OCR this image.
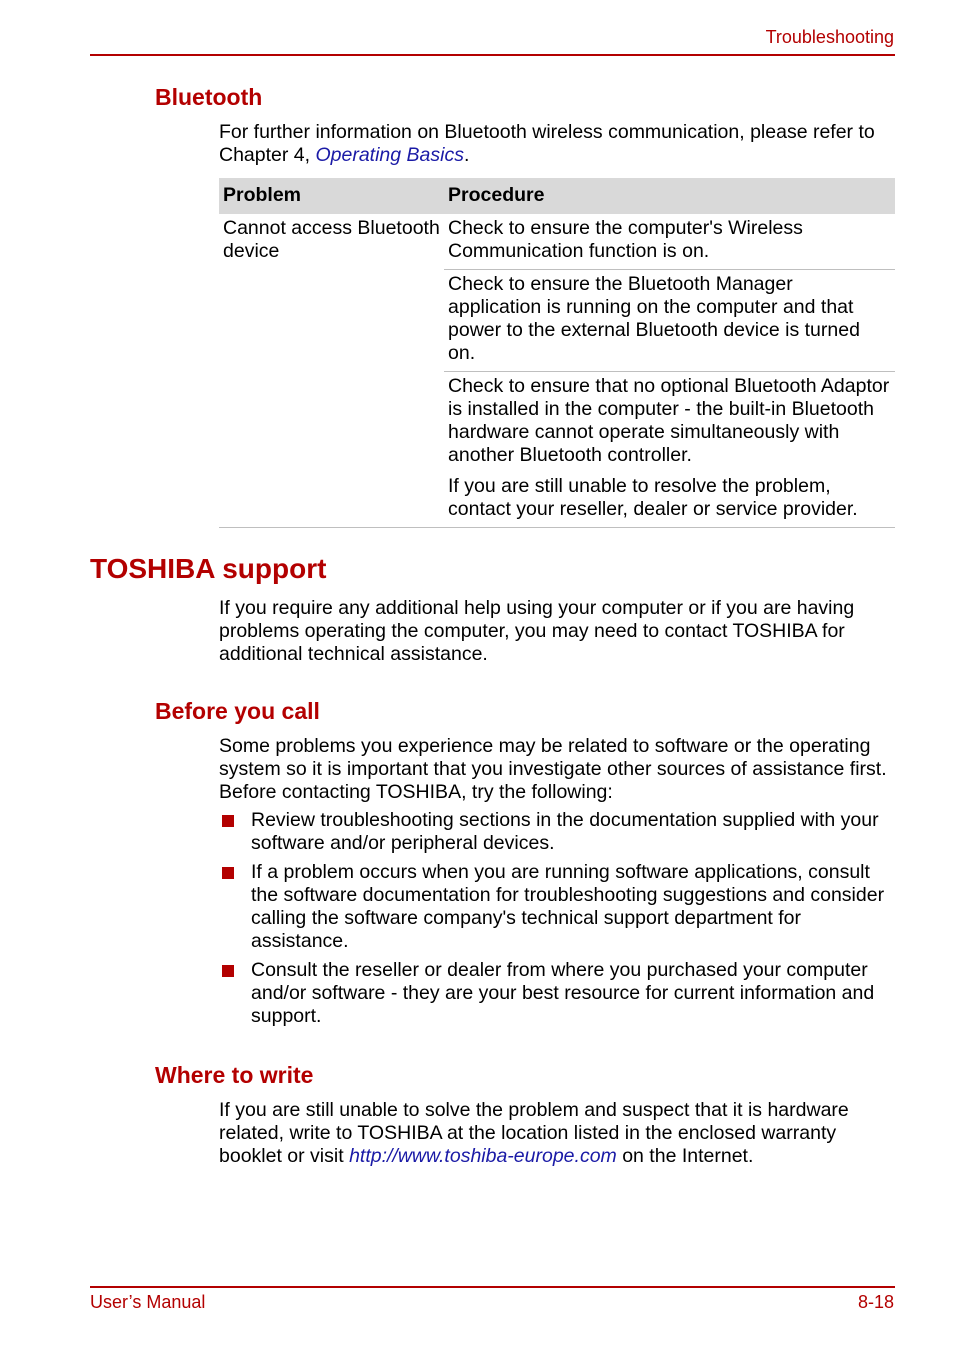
Troubleshooting
Bluetooth

For further information on Bluetooth wireless communication, please refer to Chapter 4, Operating Basics.

Problem	Procedure
Cannot access Bluetooth device	Check to ensure the computer's Wireless Communication function is on.
	Check to ensure the Bluetooth Manager application is running on the computer and that power to the external Bluetooth device is turned on.
	Check to ensure that no optional Bluetooth Adaptor is installed in the computer - the built-in Bluetooth hardware cannot operate simultaneously with another Bluetooth controller.
	If you are still unable to resolve the problem, contact your reseller, dealer or service provider.
TOSHIBA support

If you require any additional help using your computer or if you are having problems operating the computer, you may need to contact TOSHIBA for additional technical assistance.

Before you call

Some problems you experience may be related to software or the operating system so it is important that you investigate other sources of assistance first. Before contacting TOSHIBA, try the following:

Review troubleshooting sections in the documentation supplied with your software and/or peripheral devices.
If a problem occurs when you are running software applications, consult the software documentation for troubleshooting suggestions and consider calling the software company's technical support department for assistance.
Consult the reseller or dealer from where you purchased your computer and/or software - they are your best resource for current information and support.
Where to write

If you are still unable to solve the problem and suspect that it is hardware related, write to TOSHIBA at the location listed in the enclosed warranty booklet or visit http://www.toshiba-europe.com on the Internet.

User’s Manual	8-18
